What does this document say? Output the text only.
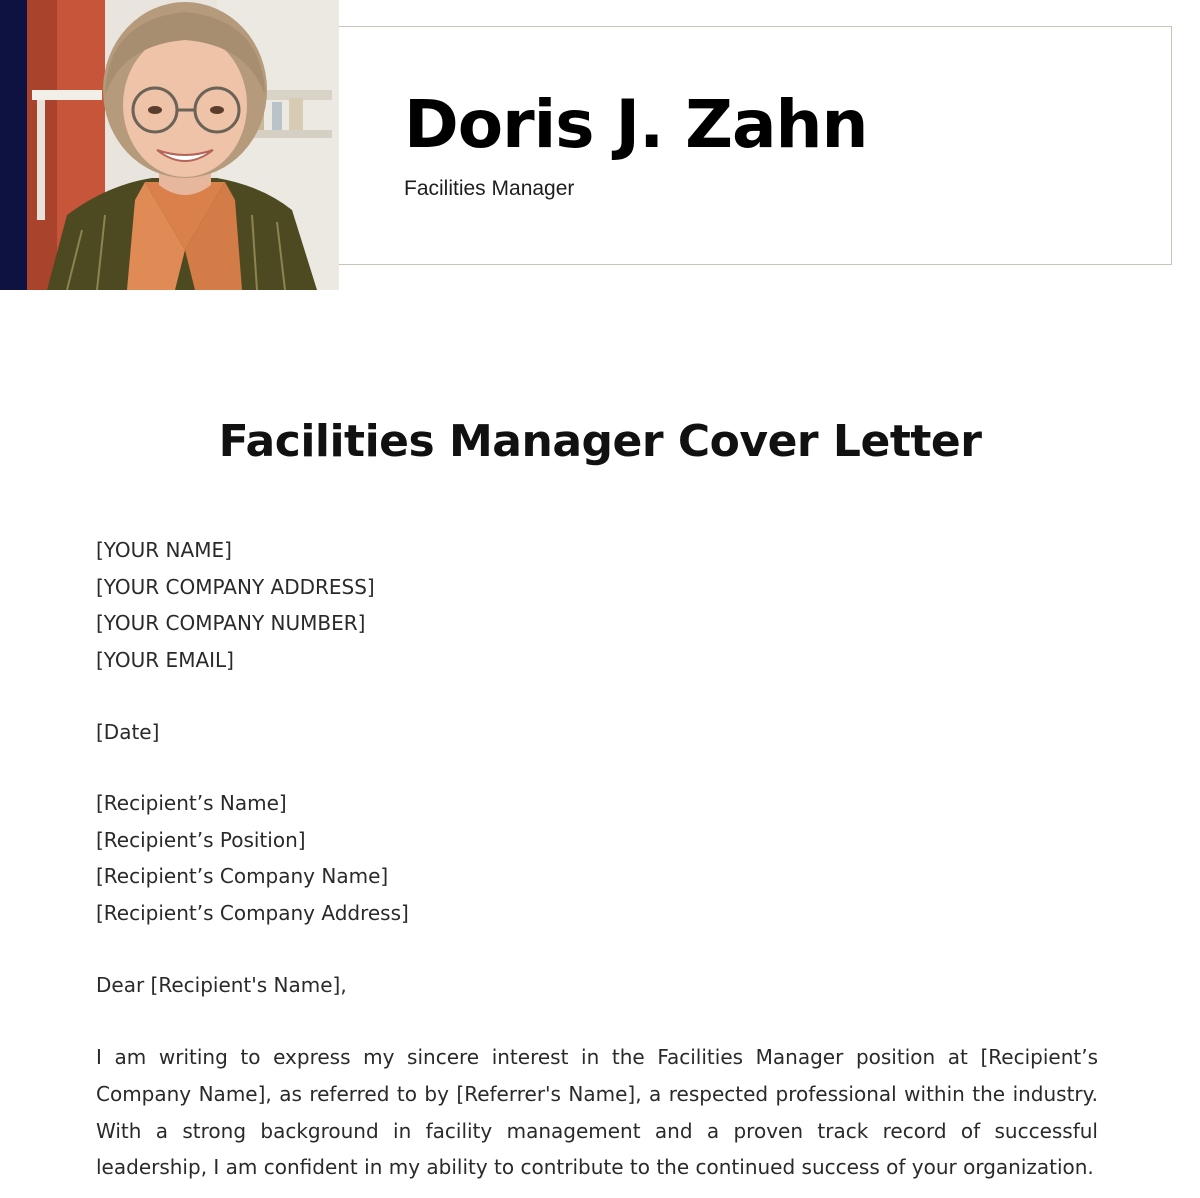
Doris J. Zahn
Facilities Manager
Facilities Manager Cover Letter
[YOUR NAME]
[YOUR COMPANY ADDRESS]
[YOUR COMPANY NUMBER]
[YOUR EMAIL]
[Date]
[Recipient’s Name]
[Recipient’s Position]
[Recipient’s Company Name]
[Recipient’s Company Address]
Dear [Recipient's Name],

I am writing to express my sincere interest in the Facilities Manager position at [Recipient’s Company Name], as referred to by [Referrer's Name], a respected professional within the industry. With a strong background in facility management and a proven track record of successful leadership, I am confident in my ability to contribute to the continued success of your organization.
